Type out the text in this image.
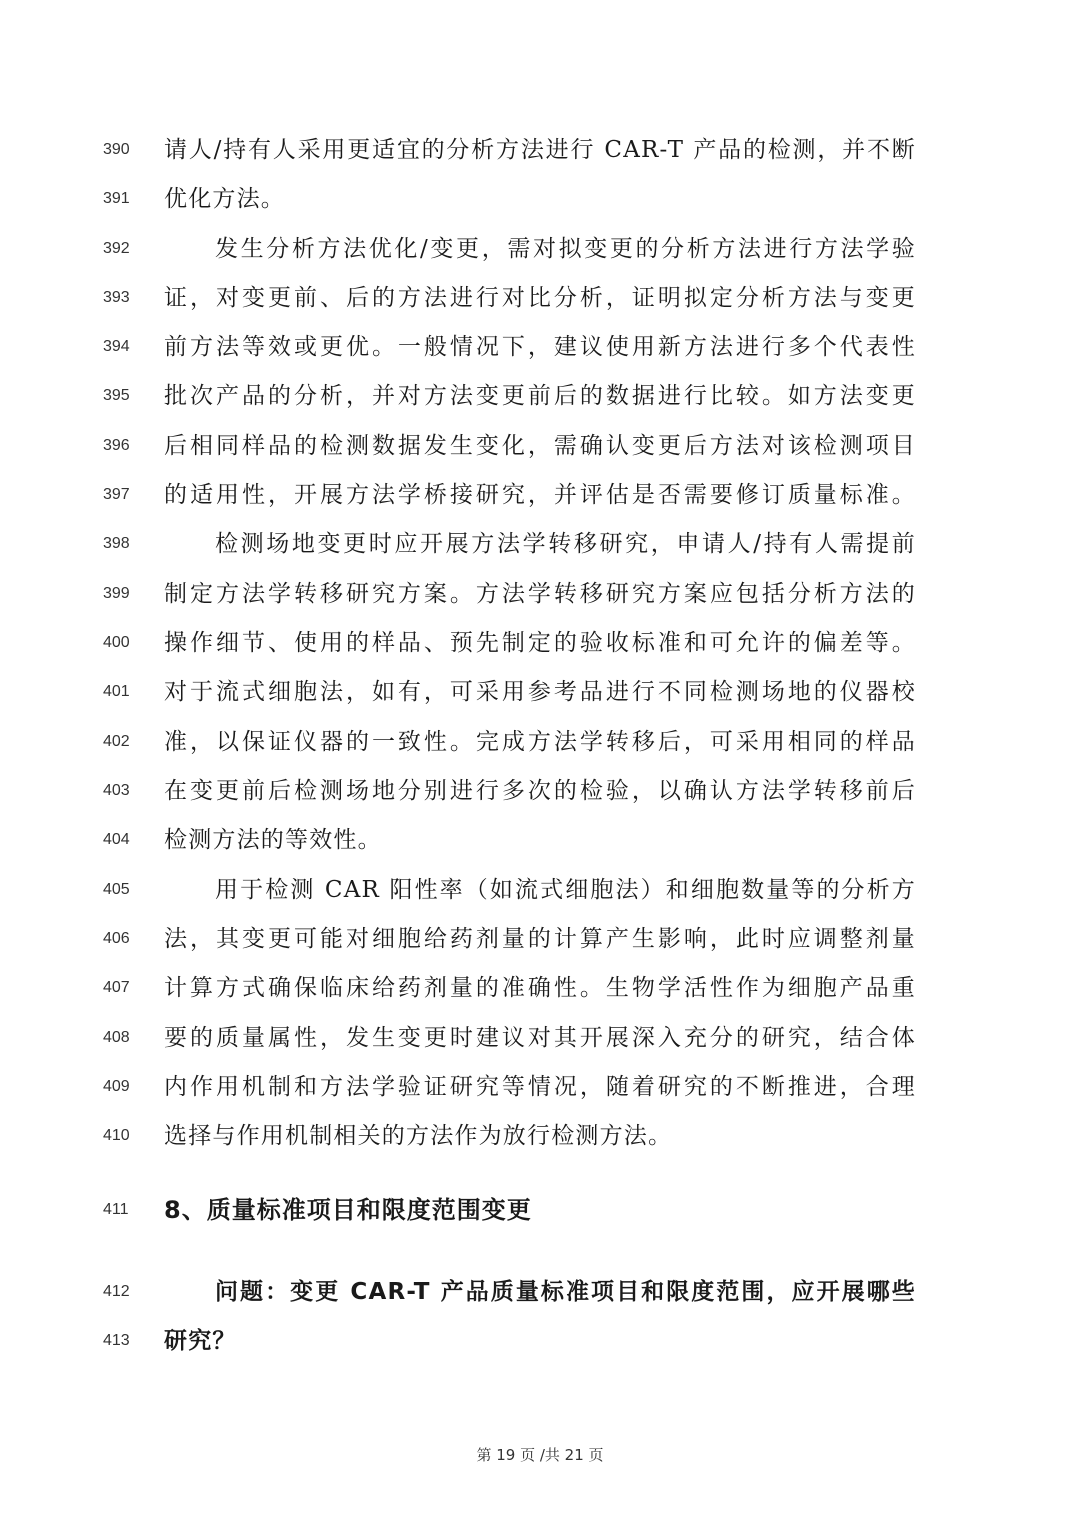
390	请人/持有人采用更适宜的分析方法进行 CAR-T 产品的检测，并不断
391	优化方法。
392	发生分析方法优化/变更，需对拟变更的分析方法进行方法学验
393	证，对变更前、后的方法进行对比分析，证明拟定分析方法与变更
394	前方法等效或更优。一般情况下，建议使用新方法进行多个代表性
395	批次产品的分析，并对方法变更前后的数据进行比较。如方法变更
396	后相同样品的检测数据发生变化，需确认变更后方法对该检测项目
397	的适用性，开展方法学桥接研究，并评估是否需要修订质量标准。
398	检测场地变更时应开展方法学转移研究，申请人/持有人需提前
399	制定方法学转移研究方案。方法学转移研究方案应包括分析方法的
400	操作细节、使用的样品、预先制定的验收标准和可允许的偏差等。
401	对于流式细胞法，如有，可采用参考品进行不同检测场地的仪器校
402	准，以保证仪器的一致性。完成方法学转移后，可采用相同的样品
403	在变更前后检测场地分别进行多次的检验，以确认方法学转移前后
404	检测方法的等效性。
405	用于检测 CAR 阳性率（如流式细胞法）和细胞数量等的分析方
406	法，其变更可能对细胞给药剂量的计算产生影响，此时应调整剂量
407	计算方式确保临床给药剂量的准确性。生物学活性作为细胞产品重
408	要的质量属性，发生变更时建议对其开展深入充分的研究，结合体
409	内作用机制和方法学验证研究等情况，随着研究的不断推进，合理
410	选择与作用机制相关的方法作为放行检测方法。
411	8、质量标准项目和限度范围变更
412	问题：变更 CAR-T 产品质量标准项目和限度范围，应开展哪些
413	研究？
第 19 页 /共 21 页
